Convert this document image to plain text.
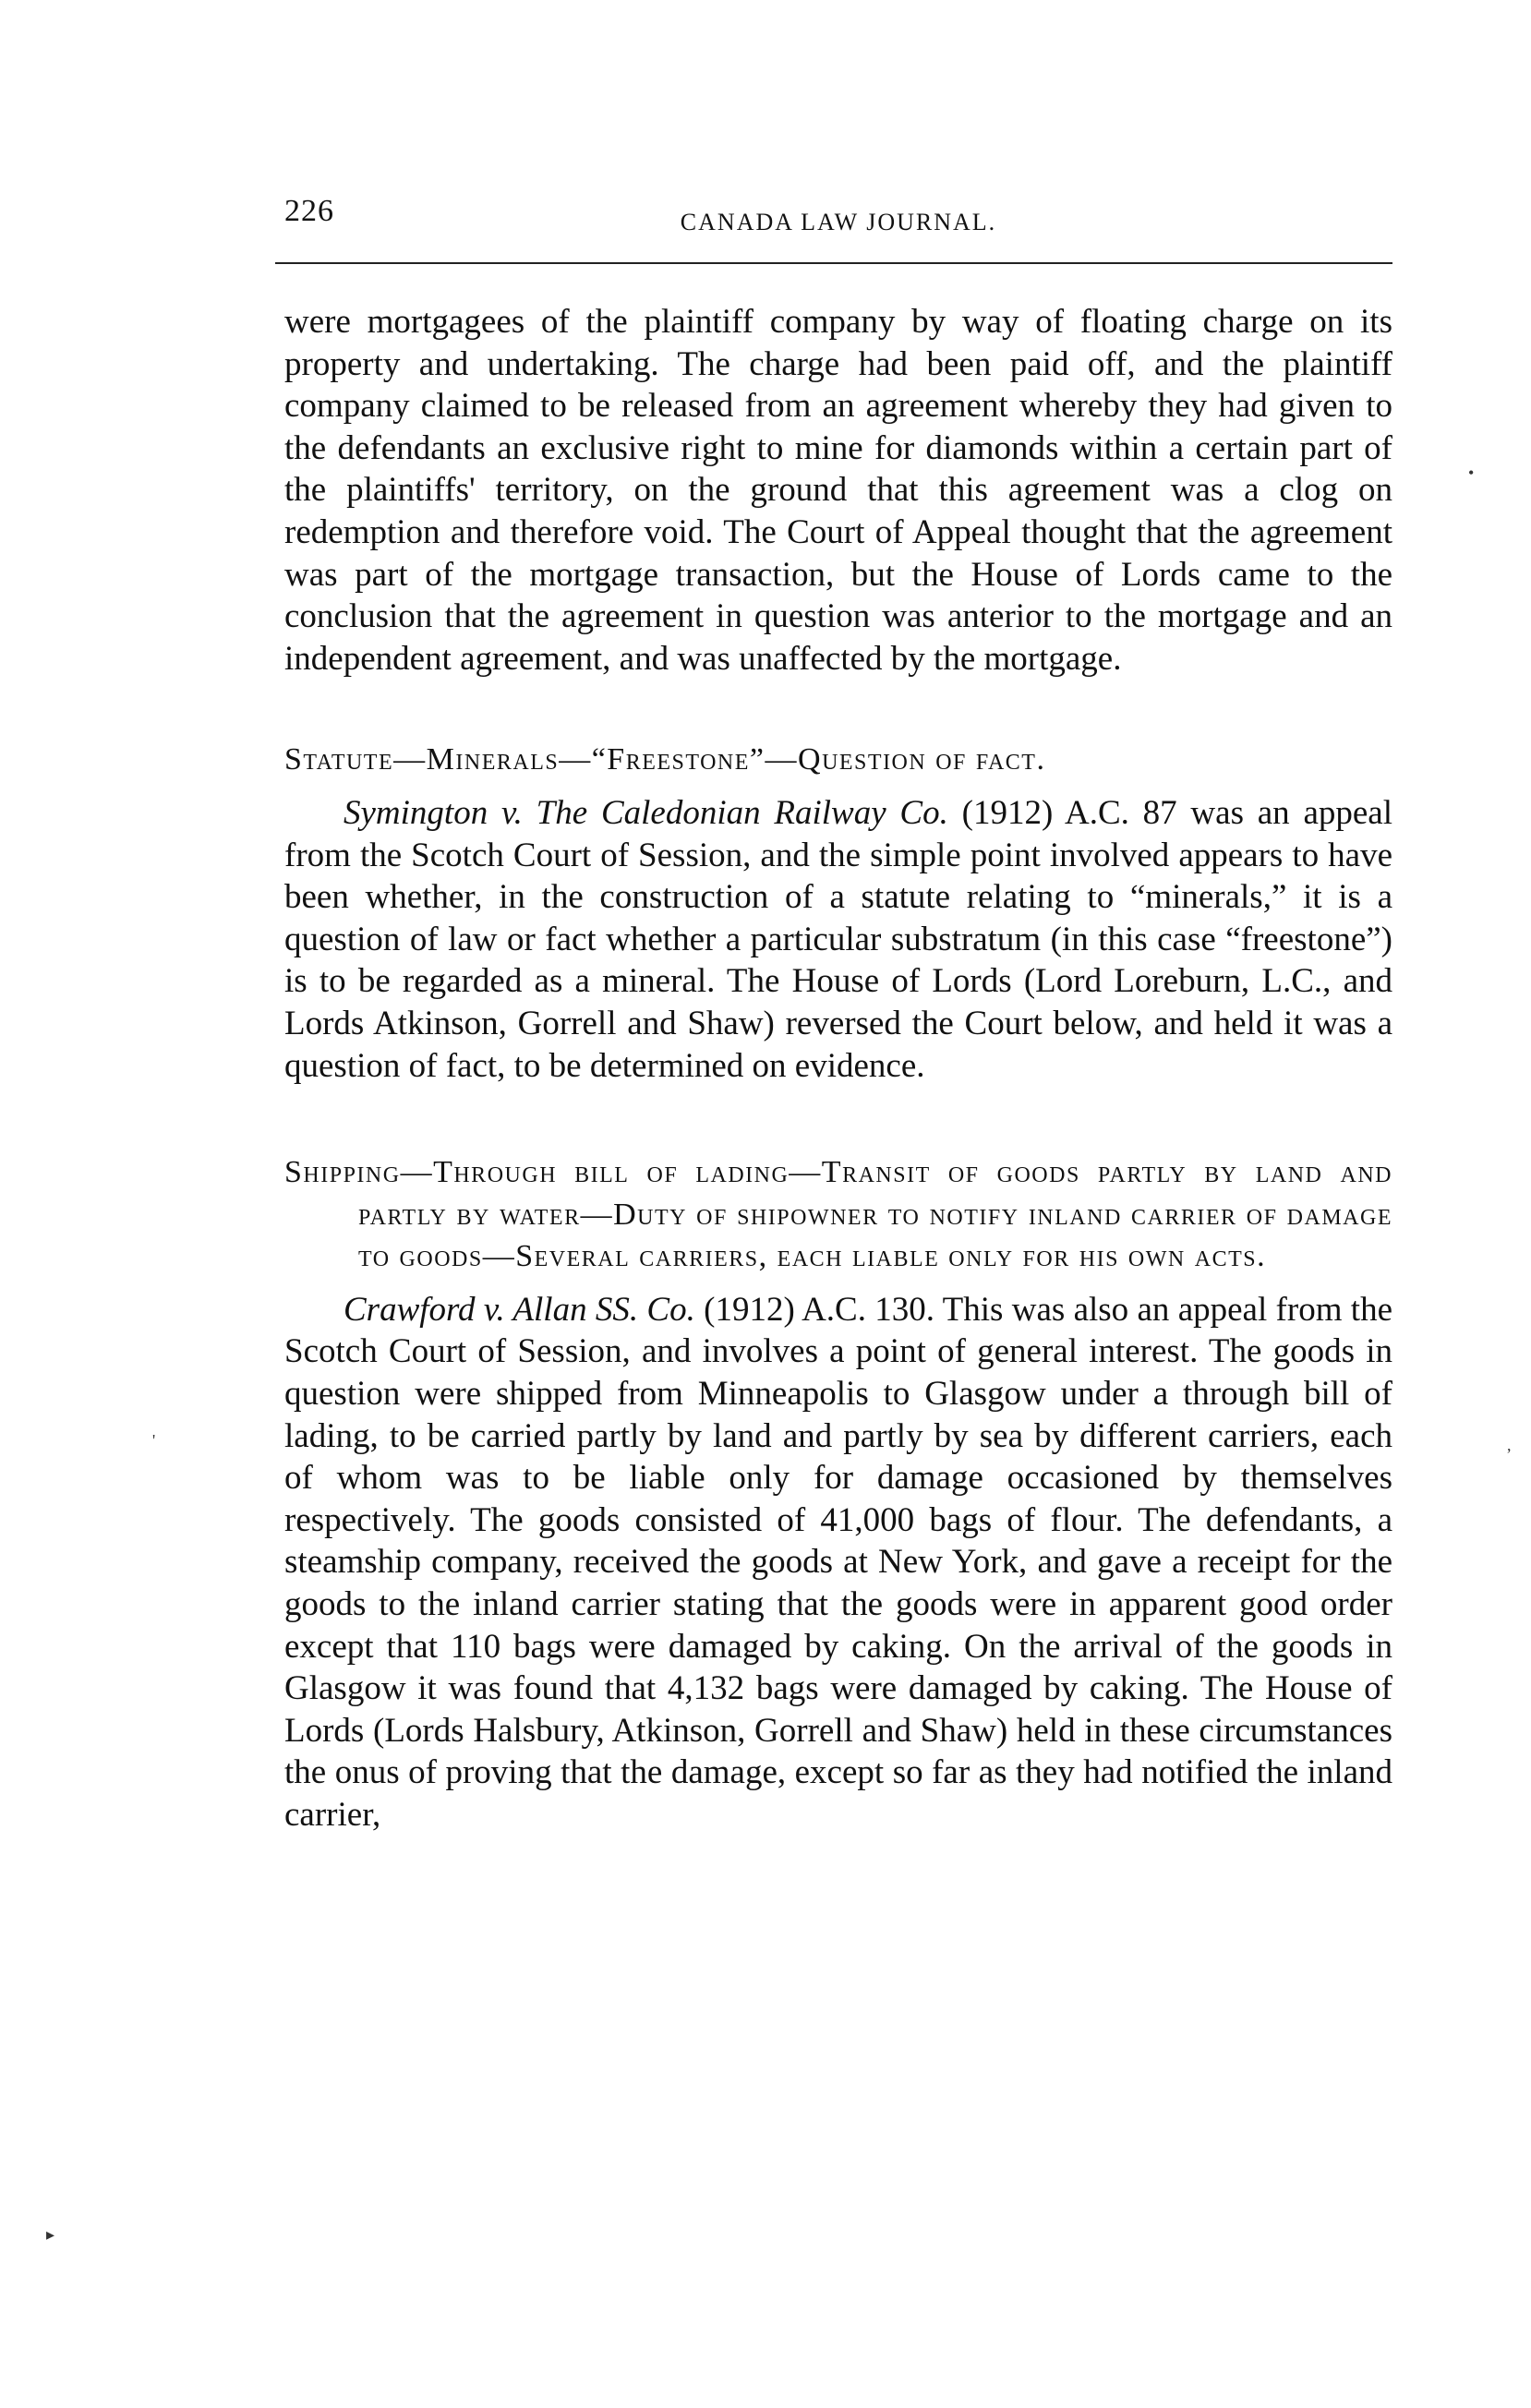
226	CANADA LAW JOURNAL.

were mortgagees of the plaintiff company by way of floating charge on its property and undertaking. The charge had been paid off, and the plaintiff company claimed to be released from an agreement whereby they had given to the defendants an exclusive right to mine for diamonds within a certain part of the plaintiffs' territory, on the ground that this agreement was a clog on redemption and therefore void. The Court of Appeal thought that the agreement was part of the mortgage transaction, but the House of Lords came to the conclusion that the agreement in question was anterior to the mortgage and an independent agreement, and was unaffected by the mortgage.

Statute—Minerals—“Freestone”—Question of fact.

Symington v. The Caledonian Railway Co. (1912) A.C. 87 was an appeal from the Scotch Court of Session, and the simple point involved appears to have been whether, in the construction of a statute relating to “minerals,” it is a question of law or fact whether a particular substratum (in this case “freestone”) is to be regarded as a mineral. The House of Lords (Lord Loreburn, L.C., and Lords Atkinson, Gorrell and Shaw) reversed the Court below, and held it was a question of fact, to be determined on evidence.

Shipping—Through bill of lading—Transit of goods partly by land and partly by water—Duty of shipowner to notify inland carrier of damage to goods—Several carriers, each liable only for his own acts.

Crawford v. Allan SS. Co. (1912) A.C. 130. This was also an appeal from the Scotch Court of Session, and involves a point of general interest. The goods in question were shipped from Minneapolis to Glasgow under a through bill of lading, to be carried partly by land and partly by sea by different carriers, each of whom was to be liable only for damage occasioned by themselves respectively. The goods consisted of 41,000 bags of flour. The defendants, a steamship company, received the goods at New York, and gave a receipt for the goods to the inland carrier stating that the goods were in apparent good order except that 110 bags were damaged by caking. On the arrival of the goods in Glasgow it was found that 4,132 bags were damaged by caking. The House of Lords (Lords Halsbury, Atkinson, Gorrell and Shaw) held in these circumstances the onus of proving that the damage, except so far as they had notified the inland carrier,

•
'	,
▸
